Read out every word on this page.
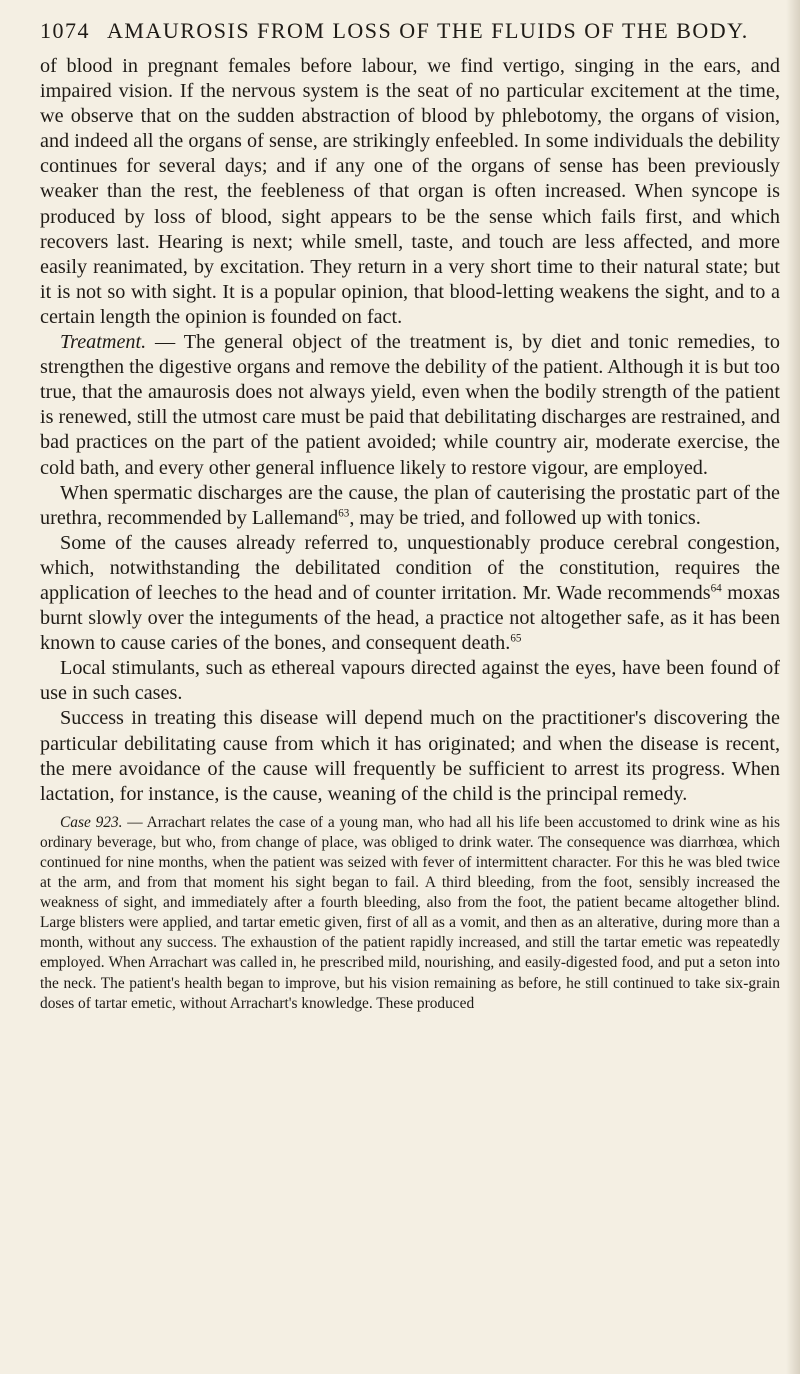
1074 AMAUROSIS FROM LOSS OF THE FLUIDS OF THE BODY.

of blood in pregnant females before labour, we find vertigo, singing in the ears, and impaired vision. If the nervous system is the seat of no particular excitement at the time, we observe that on the sudden abstraction of blood by phlebotomy, the organs of vision, and indeed all the organs of sense, are strikingly enfeebled. In some individuals the debility continues for several days; and if any one of the organs of sense has been previously weaker than the rest, the feebleness of that organ is often increased. When syncope is produced by loss of blood, sight appears to be the sense which fails first, and which recovers last. Hearing is next; while smell, taste, and touch are less affected, and more easily reanimated, by excitation. They return in a very short time to their natural state; but it is not so with sight. It is a popular opinion, that blood-letting weakens the sight, and to a certain length the opinion is founded on fact.

Treatment. — The general object of the treatment is, by diet and tonic remedies, to strengthen the digestive organs and remove the debility of the patient. Although it is but too true, that the amaurosis does not always yield, even when the bodily strength of the patient is renewed, still the utmost care must be paid that debilitating discharges are restrained, and bad practices on the part of the patient avoided; while country air, moderate exercise, the cold bath, and every other general influence likely to restore vigour, are employed.

When spermatic discharges are the cause, the plan of cauterising the prostatic part of the urethra, recommended by Lallemand$^{63}$, may be tried, and followed up with tonics.

Some of the causes already referred to, unquestionably produce cerebral congestion, which, notwithstanding the debilitated condition of the constitution, requires the application of leeches to the head and of counter irritation. Mr. Wade recommends$^{64}$ moxas burnt slowly over the integuments of the head, a practice not altogether safe, as it has been known to cause caries of the bones, and consequent death.$^{65}$

Local stimulants, such as ethereal vapours directed against the eyes, have been found of use in such cases.

Success in treating this disease will depend much on the practitioner's discovering the particular debilitating cause from which it has originated; and when the disease is recent, the mere avoidance of the cause will frequently be sufficient to arrest its progress. When lactation, for instance, is the cause, weaning of the child is the principal remedy.

Case 923. — Arrachart relates the case of a young man, who had all his life been accustomed to drink wine as his ordinary beverage, but who, from change of place, was obliged to drink water. The consequence was diarrhœa, which continued for nine months, when the patient was seized with fever of intermittent character. For this he was bled twice at the arm, and from that moment his sight began to fail. A third bleeding, from the foot, sensibly increased the weakness of sight, and immediately after a fourth bleeding, also from the foot, the patient became altogether blind. Large blisters were applied, and tartar emetic given, first of all as a vomit, and then as an alterative, during more than a month, without any success. The exhaustion of the patient rapidly increased, and still the tartar emetic was repeatedly employed. When Arrachart was called in, he prescribed mild, nourishing, and easily-digested food, and put a seton into the neck. The patient's health began to improve, but his vision remaining as before, he still continued to take six-grain doses of tartar emetic, without Arrachart's knowledge. These produced
